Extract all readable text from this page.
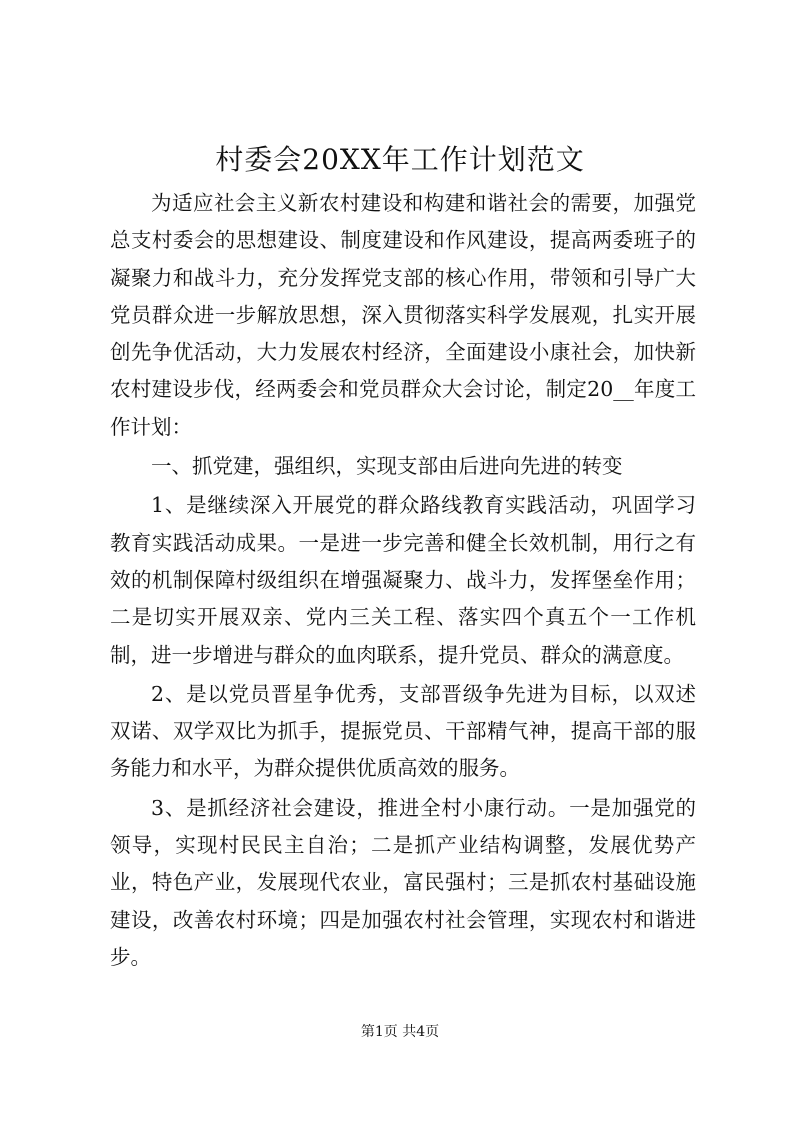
村委会20XX年工作计划范文

为适应社会主义新农村建设和构建和谐社会的需要，加强党总支村委会的思想建设、制度建设和作风建设，提高两委班子的凝聚力和战斗力，充分发挥党支部的核心作用，带领和引导广大党员群众进一步解放思想，深入贯彻落实科学发展观，扎实开展创先争优活动，大力发展农村经济，全面建设小康社会，加快新农村建设步伐，经两委会和党员群众大会讨论，制定20__年度工作计划：

一、抓党建，强组织，实现支部由后进向先进的转变

1、是继续深入开展党的群众路线教育实践活动，巩固学习教育实践活动成果。一是进一步完善和健全长效机制，用行之有效的机制保障村级组织在增强凝聚力、战斗力，发挥堡垒作用；二是切实开展双亲、党内三关工程、落实四个真五个一工作机制，进一步增进与群众的血肉联系，提升党员、群众的满意度。

2、是以党员晋星争优秀，支部晋级争先进为目标，以双述双诺、双学双比为抓手，提振党员、干部精气神，提高干部的服务能力和水平，为群众提供优质高效的服务。

3、是抓经济社会建设，推进全村小康行动。一是加强党的领导，实现村民民主自治；二是抓产业结构调整，发展优势产业，特色产业，发展现代农业，富民强村；三是抓农村基础设施建设，改善农村环境；四是加强农村社会管理，实现农村和谐进步。

第1页 共4页
